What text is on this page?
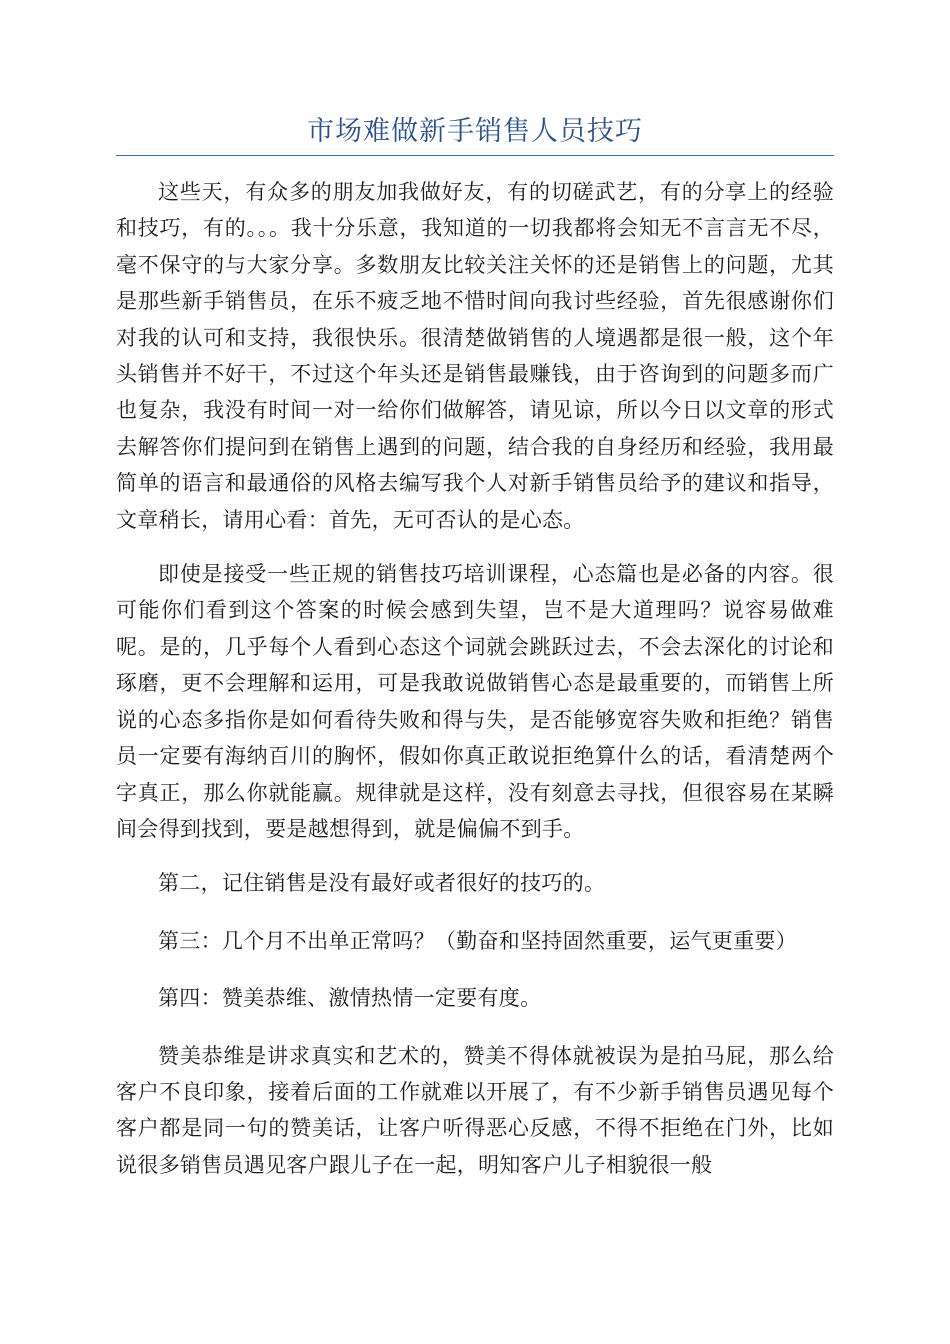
市场难做新手销售人员技巧

这些天，有众多的朋友加我做好友，有的切磋武艺，有的分享上的经验和技巧，有的。。。我十分乐意，我知道的一切我都将会知无不言言无不尽，毫不保守的与大家分享。多数朋友比较关注关怀的还是销售上的问题，尤其是那些新手销售员，在乐不疲乏地不惜时间向我讨些经验，首先很感谢你们对我的认可和支持，我很快乐。很清楚做销售的人境遇都是很一般，这个年头销售并不好干，不过这个年头还是销售最赚钱，由于咨询到的问题多而广也复杂，我没有时间一对一给你们做解答，请见谅，所以今日以文章的形式去解答你们提问到在销售上遇到的问题，结合我的自身经历和经验，我用最简单的语言和最通俗的风格去编写我个人对新手销售员给予的建议和指导，文章稍长，请用心看：首先，无可否认的是心态。

即使是接受一些正规的销售技巧培训课程，心态篇也是必备的内容。很可能你们看到这个答案的时候会感到失望，岂不是大道理吗？说容易做难呢。是的，几乎每个人看到心态这个词就会跳跃过去，不会去深化的讨论和琢磨，更不会理解和运用，可是我敢说做销售心态是最重要的，而销售上所说的心态多指你是如何看待失败和得与失，是否能够宽容失败和拒绝？销售员一定要有海纳百川的胸怀，假如你真正敢说拒绝算什么的话，看清楚两个字真正，那么你就能赢。规律就是这样，没有刻意去寻找，但很容易在某瞬间会得到找到，要是越想得到，就是偏偏不到手。

第二，记住销售是没有最好或者很好的技巧的。

第三：几个月不出单正常吗？（勤奋和坚持固然重要，运气更重要）

第四：赞美恭维、激情热情一定要有度。

赞美恭维是讲求真实和艺术的，赞美不得体就被误为是拍马屁，那么给客户不良印象，接着后面的工作就难以开展了，有不少新手销售员遇见每个客户都是同一句的赞美话，让客户听得恶心反感，不得不拒绝在门外，比如说很多销售员遇见客户跟儿子在一起，明知客户儿子相貌很一般
